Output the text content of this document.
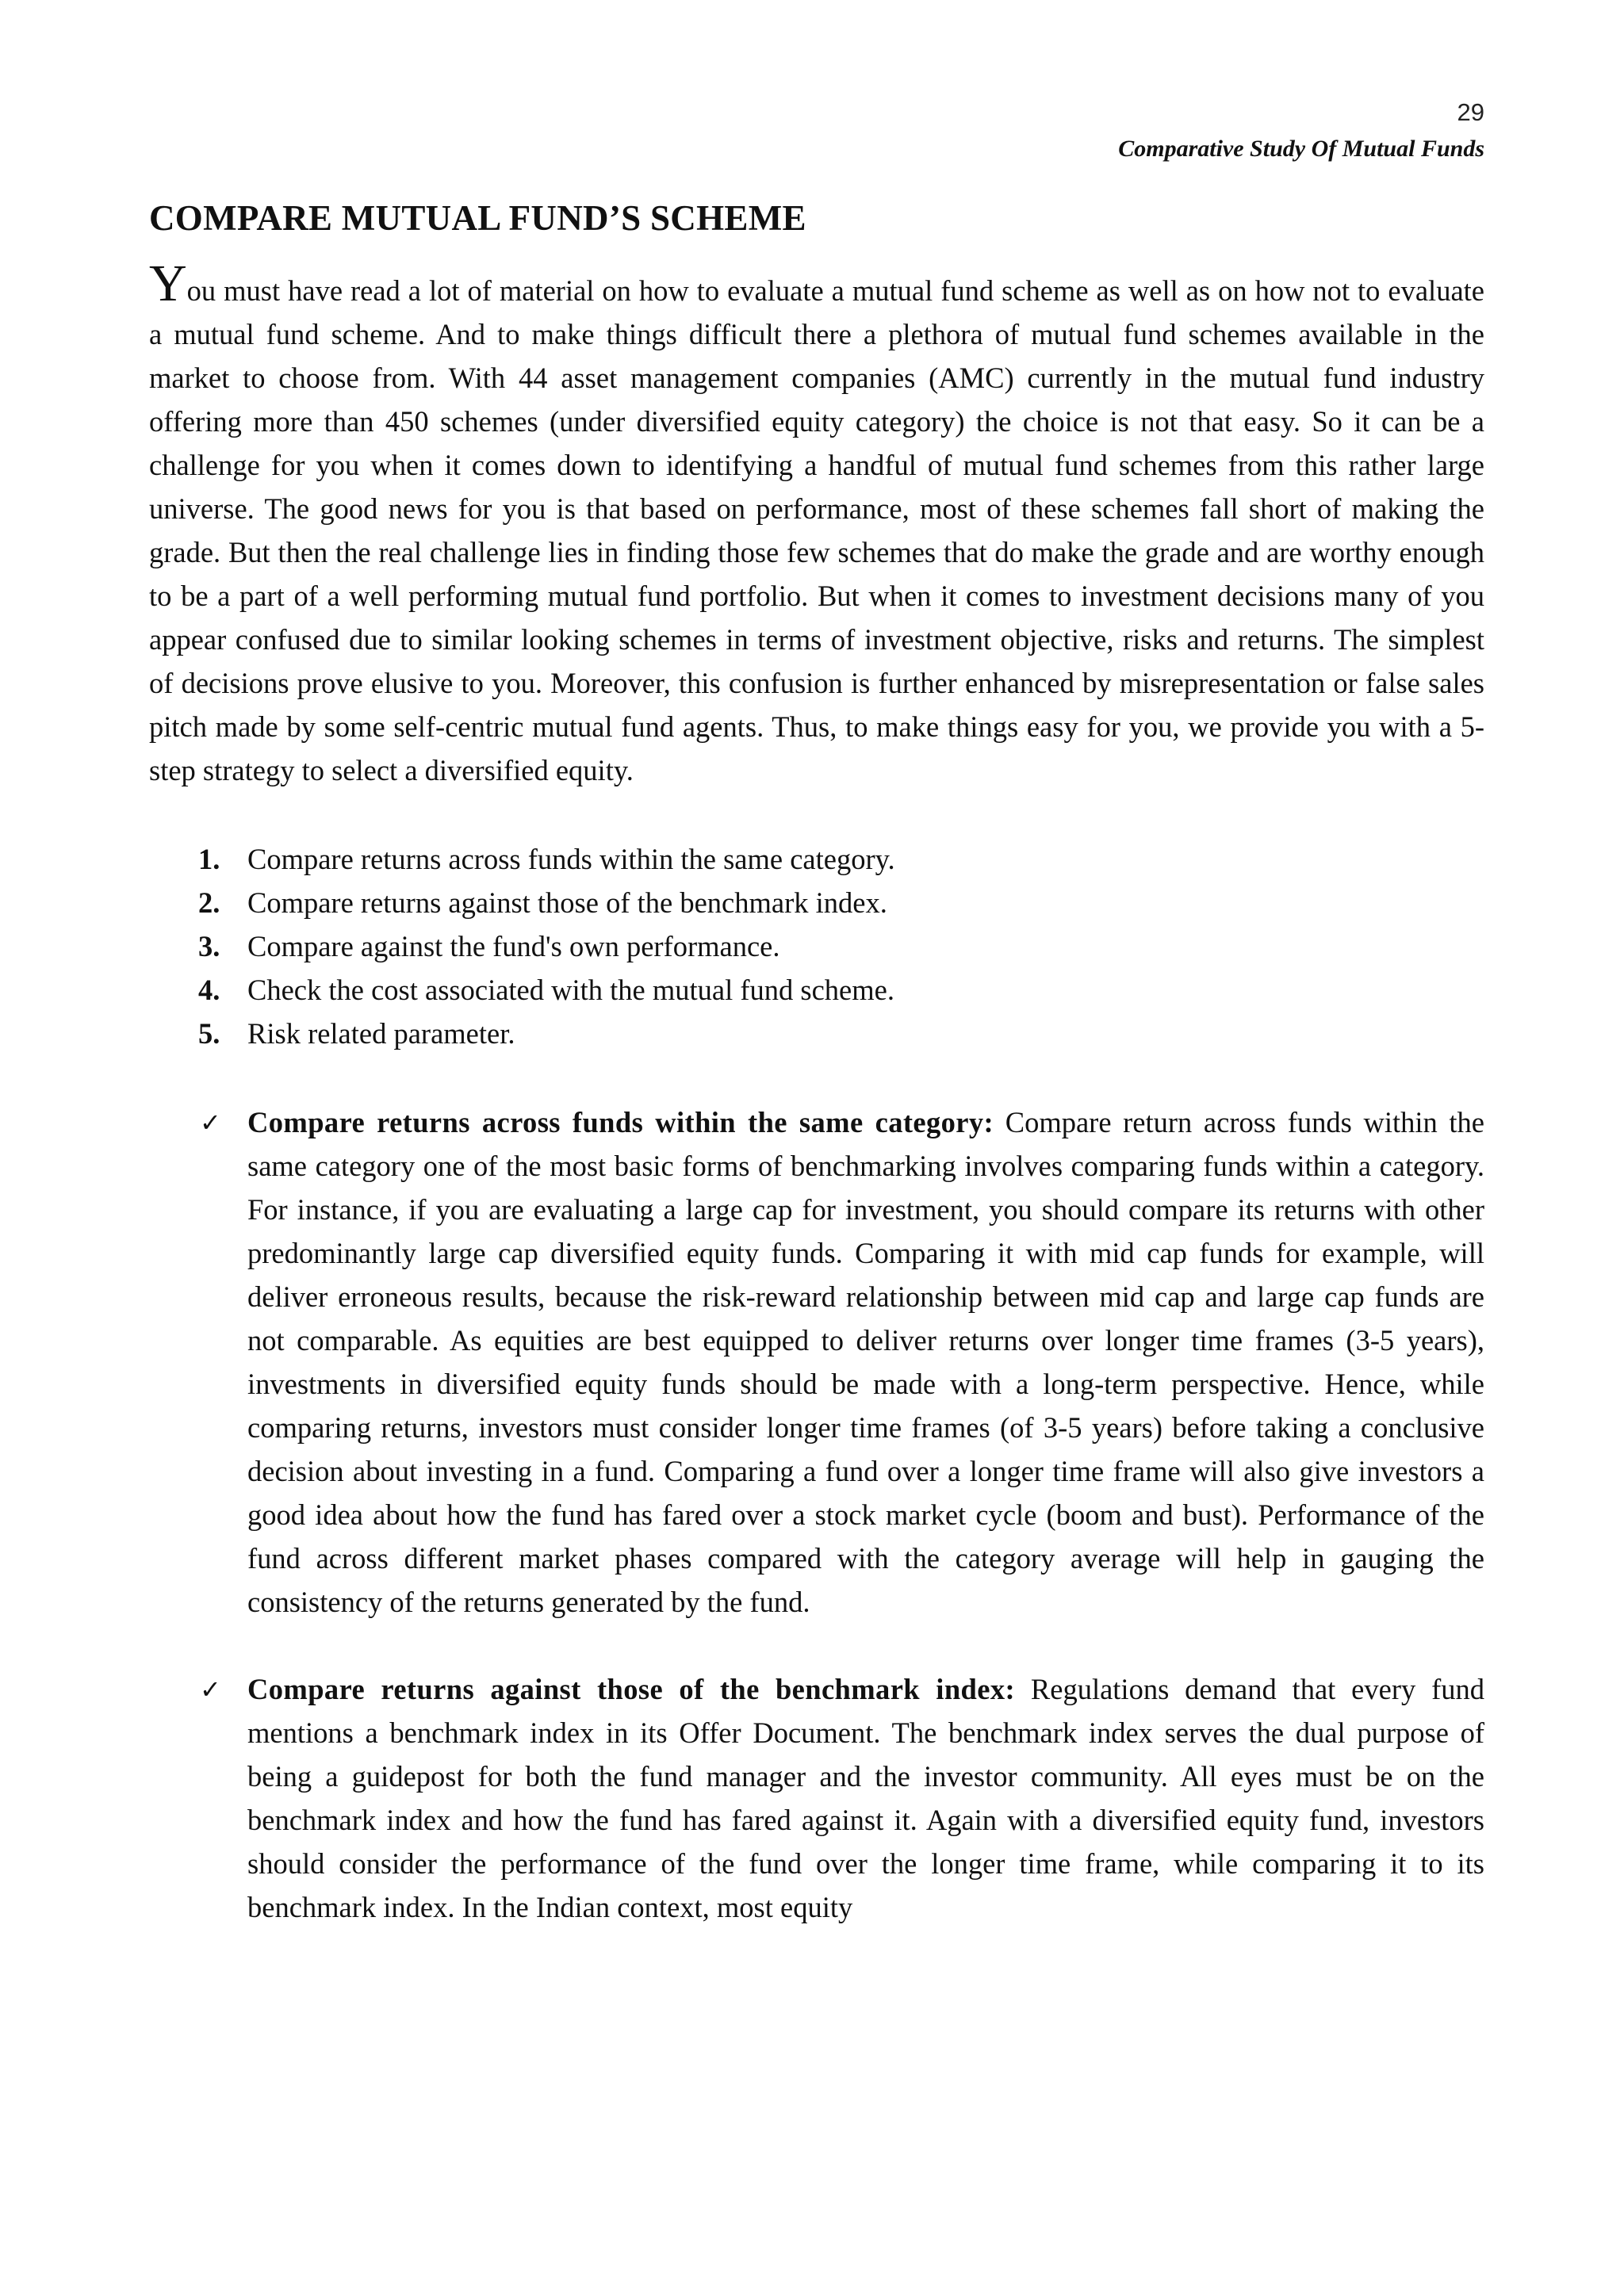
29
Comparative Study Of Mutual Funds
COMPARE MUTUAL FUND’S SCHEME

You must have read a lot of material on how to evaluate a mutual fund scheme as well as on how not to evaluate a mutual fund scheme. And to make things difficult there a plethora of mutual fund schemes available in the market to choose from. With 44 asset management companies (AMC) currently in the mutual fund industry offering more than 450 schemes (under diversified equity category) the choice is not that easy. So it can be a challenge for you when it comes down to identifying a handful of mutual fund schemes from this rather large universe. The good news for you is that based on performance, most of these schemes fall short of making the grade. But then the real challenge lies in finding those few schemes that do make the grade and are worthy enough to be a part of a well performing mutual fund portfolio. But when it comes to investment decisions many of you appear confused due to similar looking schemes in terms of investment objective, risks and returns. The simplest of decisions prove elusive to you. Moreover, this confusion is further enhanced by misrepresentation or false sales pitch made by some self-centric mutual fund agents. Thus, to make things easy for you, we provide you with a 5-step strategy to select a diversified equity.

1. Compare returns across funds within the same category.
2. Compare returns against those of the benchmark index.
3. Compare against the fund's own performance.
4. Check the cost associated with the mutual fund scheme.
5. Risk related parameter.
✓ Compare returns across funds within the same category: Compare return across funds within the same category one of the most basic forms of benchmarking involves comparing funds within a category. For instance, if you are evaluating a large cap for investment, you should compare its returns with other predominantly large cap diversified equity funds. Comparing it with mid cap funds for example, will deliver erroneous results, because the risk-reward relationship between mid cap and large cap funds are not comparable. As equities are best equipped to deliver returns over longer time frames (3-5 years), investments in diversified equity funds should be made with a long-term perspective. Hence, while comparing returns, investors must consider longer time frames (of 3-5 years) before taking a conclusive decision about investing in a fund. Comparing a fund over a longer time frame will also give investors a good idea about how the fund has fared over a stock market cycle (boom and bust). Performance of the fund across different market phases compared with the category average will help in gauging the consistency of the returns generated by the fund.
✓ Compare returns against those of the benchmark index: Regulations demand that every fund mentions a benchmark index in its Offer Document. The benchmark index serves the dual purpose of being a guidepost for both the fund manager and the investor community. All eyes must be on the benchmark index and how the fund has fared against it. Again with a diversified equity fund, investors should consider the performance of the fund over the longer time frame, while comparing it to its benchmark index. In the Indian context, most equity
